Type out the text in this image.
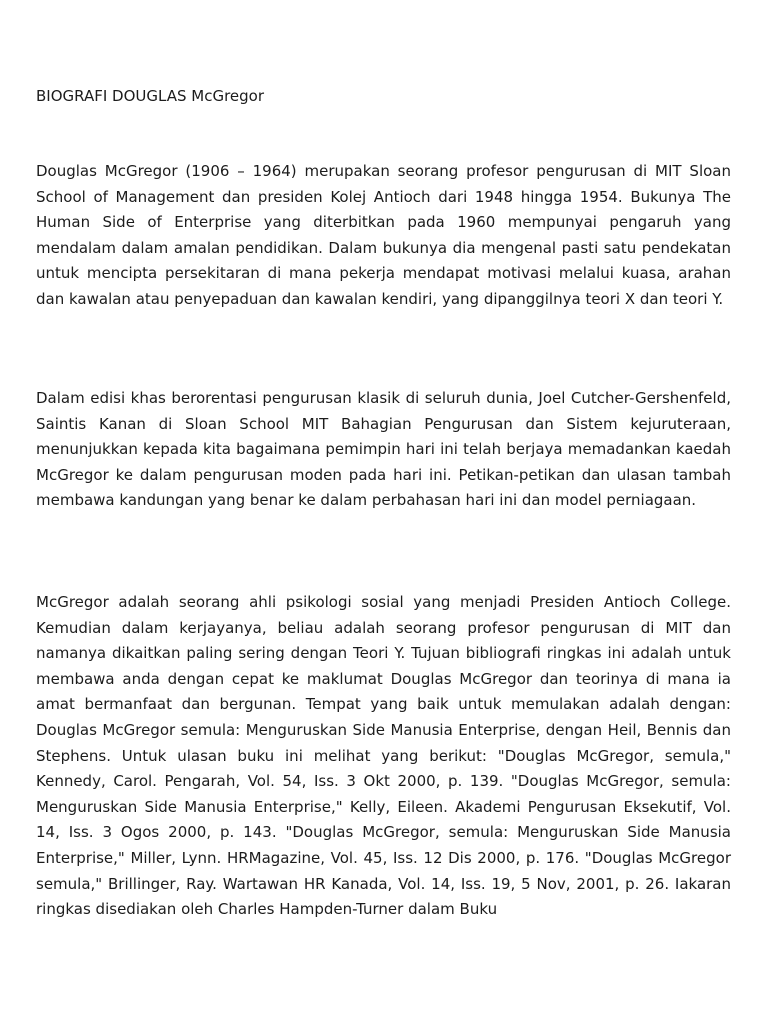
BIOGRAFI DOUGLAS McGregor

Douglas McGregor (1906 – 1964) merupakan seorang profesor pengurusan di MIT Sloan School of Management dan presiden Kolej Antioch dari 1948 hingga 1954. Bukunya The Human Side of Enterprise yang diterbitkan pada 1960 mempunyai pengaruh yang mendalam dalam amalan pendidikan. Dalam bukunya dia mengenal pasti satu pendekatan untuk mencipta persekitaran di mana pekerja mendapat motivasi melalui kuasa, arahan dan kawalan atau penyepaduan dan kawalan kendiri, yang dipanggilnya teori X dan teori Y.

Dalam edisi khas berorentasi pengurusan klasik di seluruh dunia, Joel Cutcher-Gershenfeld, Saintis Kanan di Sloan School MIT Bahagian Pengurusan dan Sistem kejuruteraan, menunjukkan kepada kita bagaimana pemimpin hari ini telah berjaya memadankan kaedah McGregor ke dalam pengurusan moden pada hari ini. Petikan-petikan dan ulasan tambah membawa kandungan yang benar ke dalam perbahasan hari ini dan model perniagaan.

McGregor adalah seorang ahli psikologi sosial yang menjadi Presiden Antioch College. Kemudian dalam kerjayanya, beliau adalah seorang profesor pengurusan di MIT dan namanya dikaitkan paling sering dengan Teori Y. Tujuan bibliografi ringkas ini adalah untuk membawa anda dengan cepat ke maklumat Douglas McGregor dan teorinya di mana ia amat bermanfaat dan bergunan. Tempat yang baik untuk memulakan adalah dengan: Douglas McGregor semula: Menguruskan Side Manusia Enterprise, dengan Heil, Bennis dan Stephens. Untuk ulasan buku ini melihat yang berikut: "Douglas McGregor, semula," Kennedy, Carol. Pengarah, Vol. 54, Iss. 3 Okt 2000, p. 139. "Douglas McGregor, semula: Menguruskan Side Manusia Enterprise," Kelly, Eileen. Akademi Pengurusan Eksekutif, Vol. 14, Iss. 3 Ogos 2000, p. 143. "Douglas McGregor, semula: Menguruskan Side Manusia Enterprise," Miller, Lynn. HRMagazine, Vol. 45, Iss. 12 Dis 2000, p. 176. "Douglas McGregor semula," Brillinger, Ray. Wartawan HR Kanada, Vol. 14, Iss. 19, 5 Nov, 2001, p. 26. Iakaran ringkas disediakan oleh Charles Hampden-Turner dalam Buku
